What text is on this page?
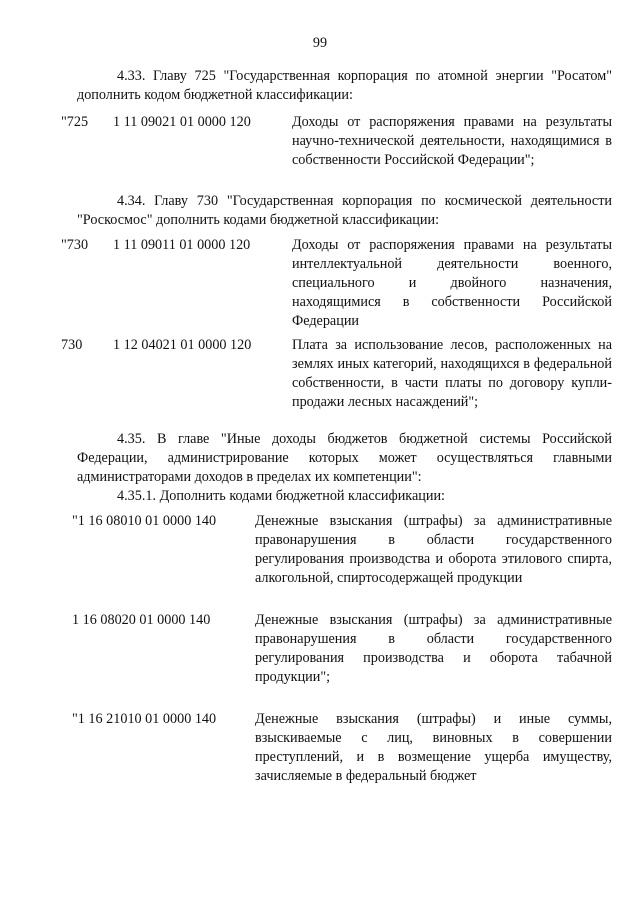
99
4.33. Главу 725 "Государственная корпорация по атомной энергии "Росатом" дополнить кодом бюджетной классификации:
"725 1 11 09021 01 0000 120	Доходы от распоряжения правами на результаты научно-технической деятельности, находящимися в собственности Российской Федерации";
4.34. Главу 730 "Государственная корпорация по космической деятельности "Роскосмос" дополнить кодами бюджетной классификации:
"730 1 11 09011 01 0000 120	Доходы от распоряжения правами на результаты интеллектуальной деятельности военного, специального и двойного назначения, находящимися в собственности Российской Федерации
730 1 12 04021 01 0000 120	Плата за использование лесов, расположенных на землях иных категорий, находящихся в федеральной собственности, в части платы по договору купли-продажи лесных насаждений";
4.35. В главе "Иные доходы бюджетов бюджетной системы Российской Федерации, администрирование которых может осуществляться главными администраторами доходов в пределах их компетенции":
4.35.1. Дополнить кодами бюджетной классификации:
"1 16 08010 01 0000 140	Денежные взыскания (штрафы) за административные правонарушения в области государственного регулирования производства и оборота этилового спирта, алкогольной, спиртосодержащей продукции
1 16 08020 01 0000 140	Денежные взыскания (штрафы) за административные правонарушения в области государственного регулирования производства и оборота табачной продукции";
"1 16 21010 01 0000 140	Денежные взыскания (штрафы) и иные суммы, взыскиваемые с лиц, виновных в совершении преступлений, и в возмещение ущерба имуществу, зачисляемые в федеральный бюджет
